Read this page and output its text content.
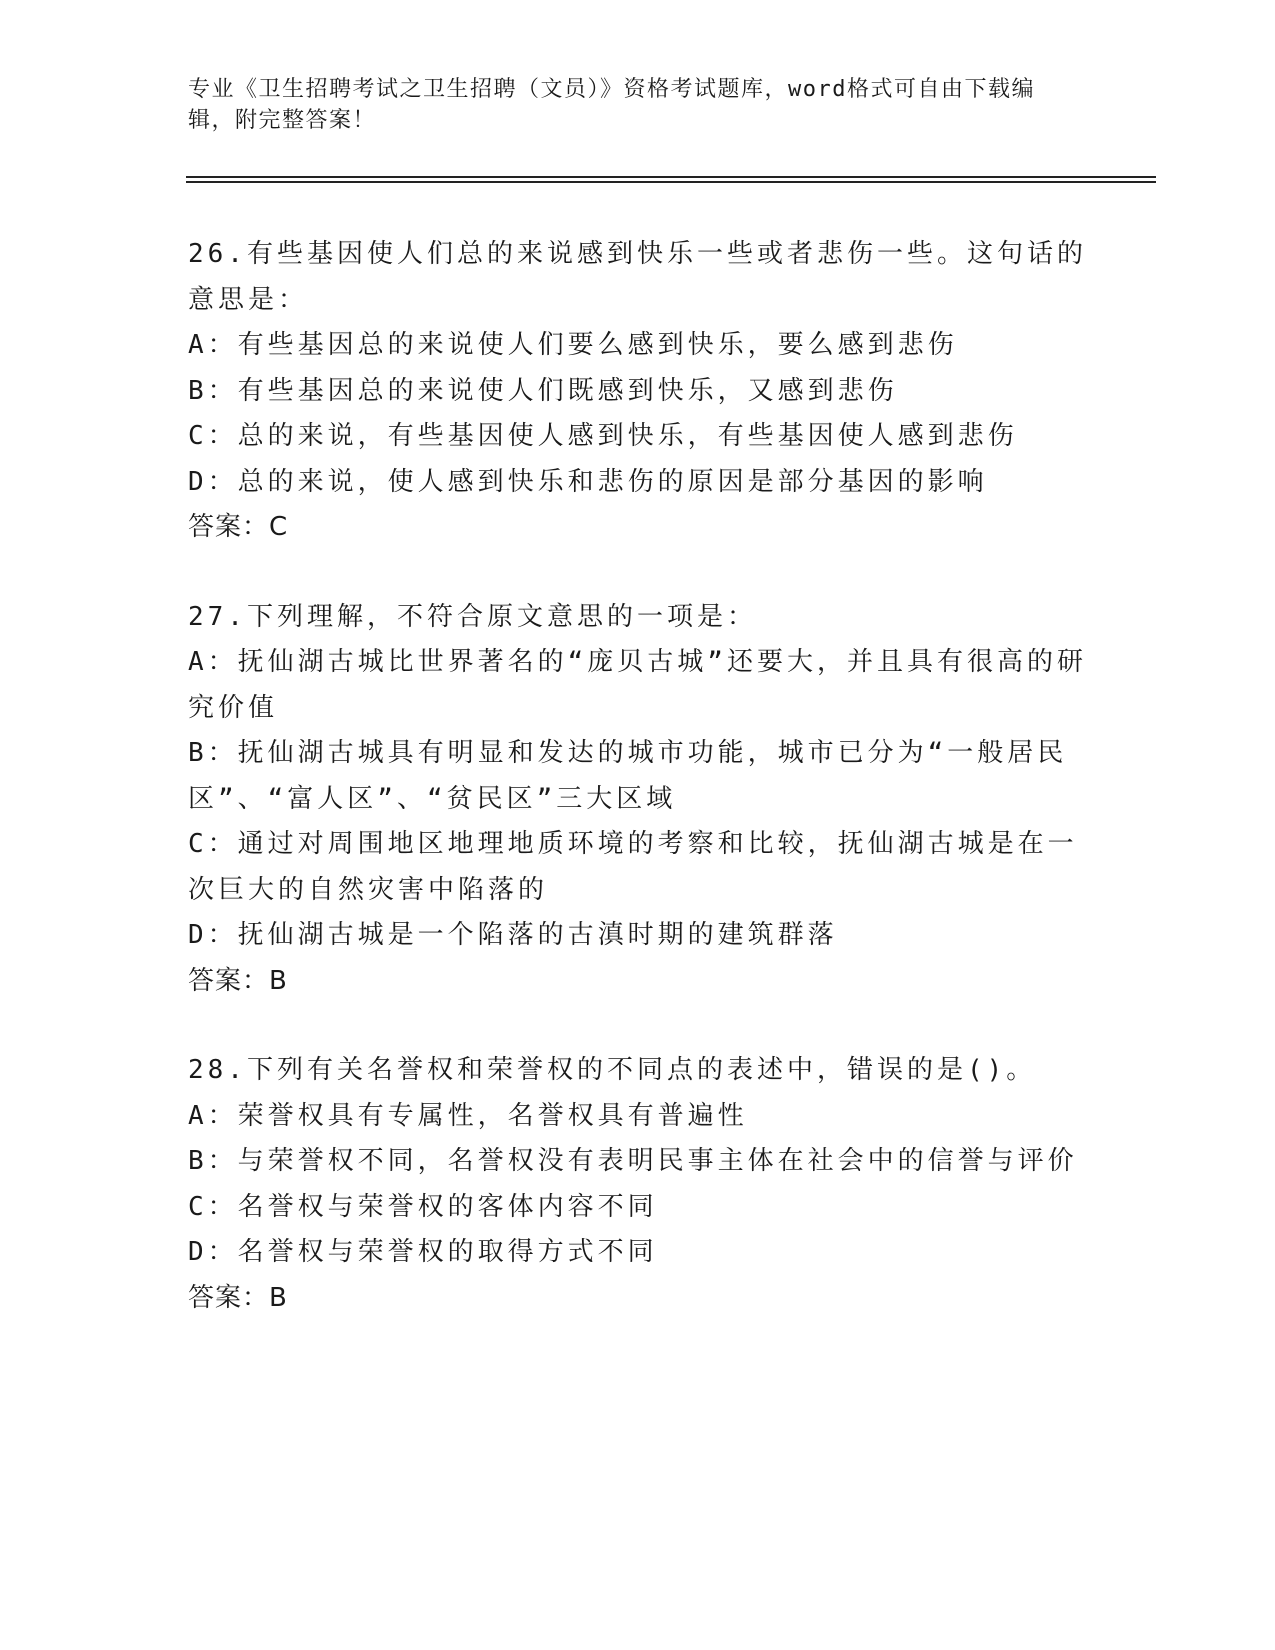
专业《卫生招聘考试之卫生招聘（文员）》资格考试题库，word格式可自由下载编辑，附完整答案！

26.有些基因使人们总的来说感到快乐一些或者悲伤一些。这句话的意思是：

A：有些基因总的来说使人们要么感到快乐，要么感到悲伤

B：有些基因总的来说使人们既感到快乐，又感到悲伤

C：总的来说，有些基因使人感到快乐，有些基因使人感到悲伤

D：总的来说，使人感到快乐和悲伤的原因是部分基因的影响

答案：C

27.下列理解，不符合原文意思的一项是：

A：抚仙湖古城比世界著名的“庞贝古城”还要大，并且具有很高的研究价值

B：抚仙湖古城具有明显和发达的城市功能，城市已分为“一般居民区”、“富人区”、“贫民区”三大区域

C：通过对周围地区地理地质环境的考察和比较，抚仙湖古城是在一次巨大的自然灾害中陷落的

D：抚仙湖古城是一个陷落的古滇时期的建筑群落

答案：B

28.下列有关名誉权和荣誉权的不同点的表述中，错误的是()。

A：荣誉权具有专属性，名誉权具有普遍性

B：与荣誉权不同，名誉权没有表明民事主体在社会中的信誉与评价

C：名誉权与荣誉权的客体内容不同

D：名誉权与荣誉权的取得方式不同

答案：B
